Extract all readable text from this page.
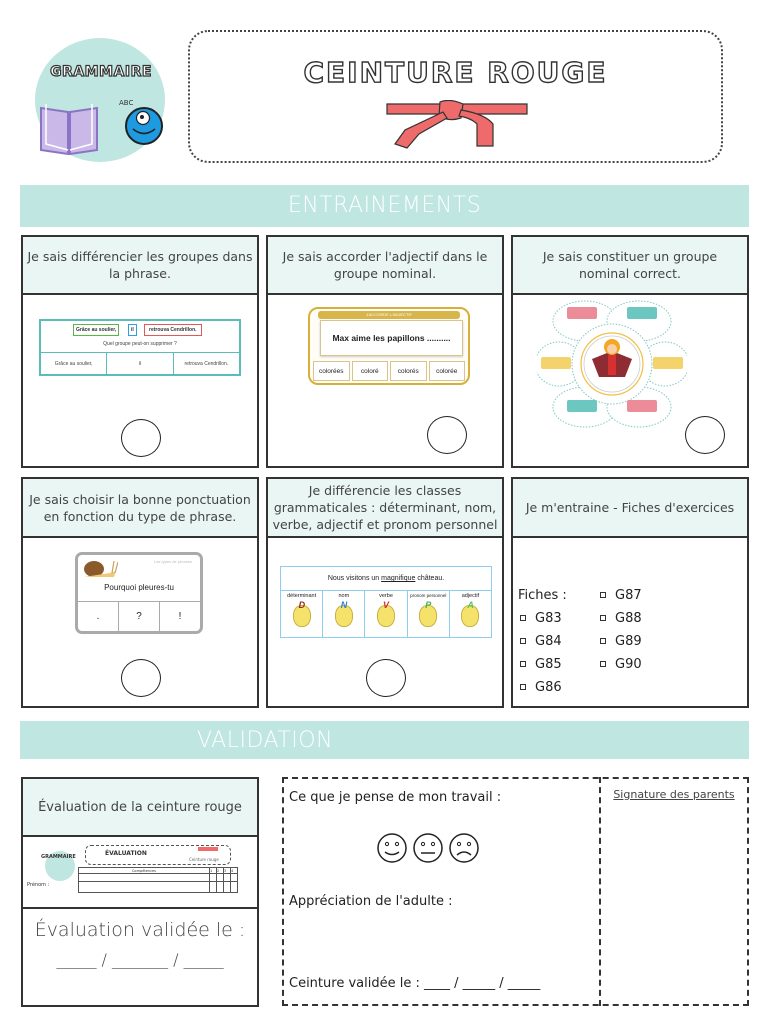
GRAMMAIRE
ABC
CEINTURE ROUGE
ENTRAINEMENTS
Je sais différencier les groupes dans la phrase.
Grâce au soulier,	il	retrouva Cendrillon.
Quel groupe peut-on supprimer ?
Grâce au soulier,	il	retrouva Cendrillon.
Je sais accorder l'adjectif dans le groupe nominal.
J'ACCORDE L'ADJECTIF
Max aime les papillons ..........
colorées	coloré	colorés	colorée
Je sais constituer un groupe nominal correct.
Je sais choisir la bonne ponctuation en fonction du type de phrase.
Les types de phrases
Pourquoi pleures-tu
.	?	!
Je différencie les classes grammaticales : déterminant, nom, verbe, adjectif et pronom personnel
Nous visitons un magnifique château.
déterminant
D
nom
N
verbe
V
pronom personnel
P
adjectif
A
Je m'entraine - Fiches d'exercices
Fiches :	G87
G83	G88
G84	G89
G85	G90
G86
VALIDATION
Évaluation de la ceinture rouge
GRAMMAIRE	ÉVALUATION
Ceinture rouge
Prénom :
Compétences	1	2	3	4

Évaluation validée le :
_____ / _______ / _____
Ce que je pense de mon travail :
Appréciation de l'adulte :
Ceinture validée le : ____ / _____ / _____
Signature des parents
